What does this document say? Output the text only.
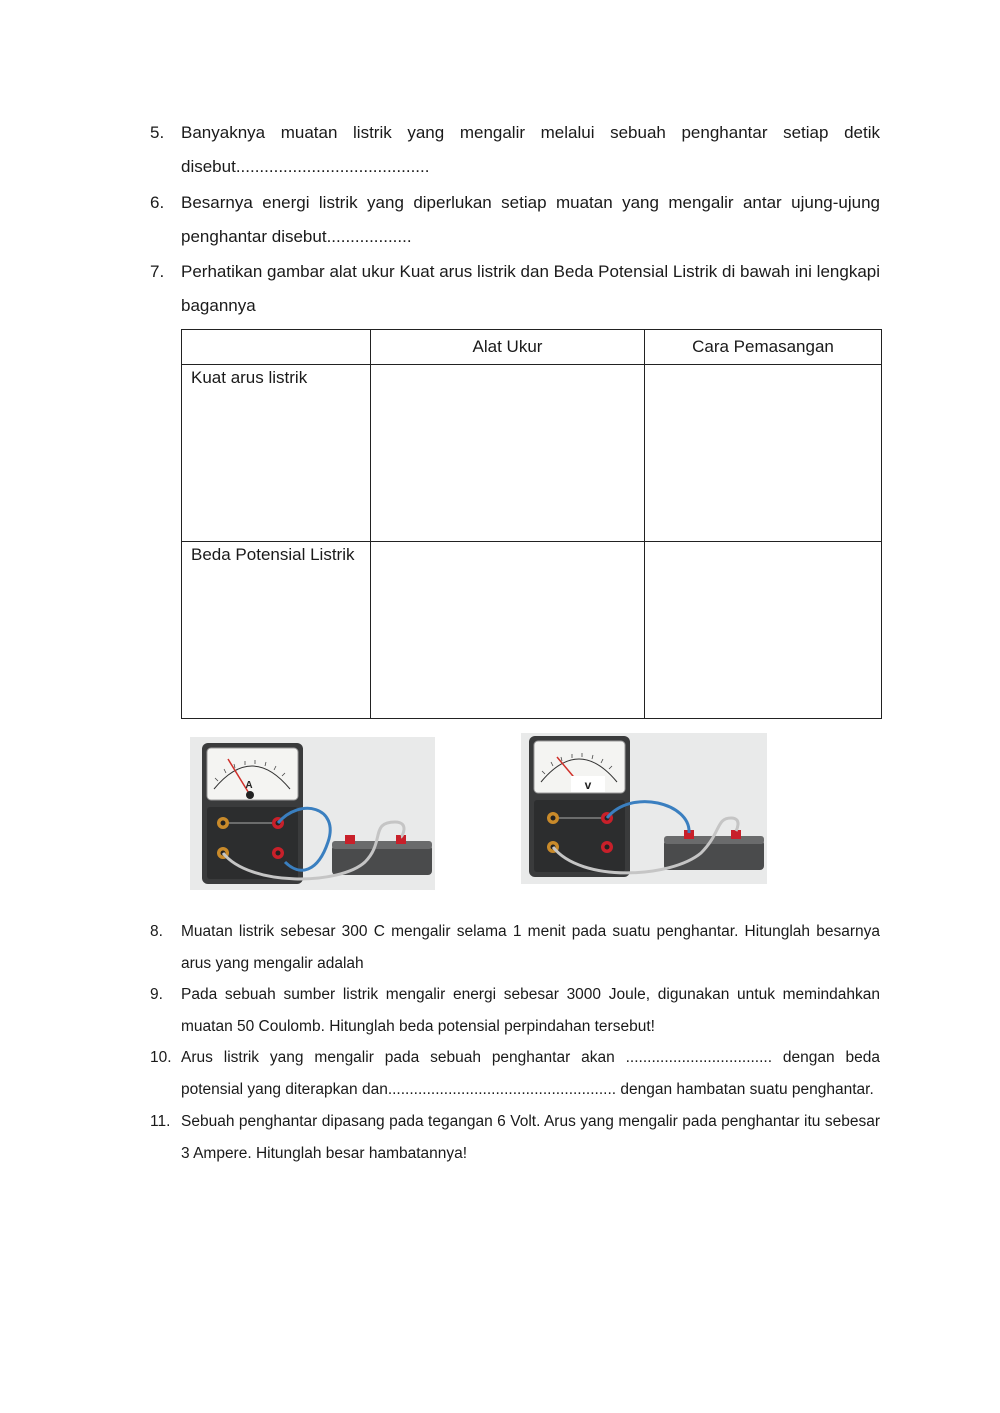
5. Banyaknya muatan listrik yang mengalir melalui sebuah penghantar setiap detik disebut.........................................
6. Besarnya energi listrik yang diperlukan setiap muatan yang mengalir antar ujung-ujung penghantar disebut..................
7. Perhatikan gambar alat ukur Kuat arus listrik dan Beda Potensial Listrik di bawah ini lengkapi bagannya
	Alat Ukur	Cara Pemasangan
Kuat arus listrik		
Beda Potensial Listrik		
A	v
8.	Muatan listrik sebesar 300 C mengalir selama 1 menit pada suatu penghantar. Hitunglah besarnya arus yang mengalir adalah
9.	Pada sebuah sumber listrik mengalir energi sebesar 3000 Joule, digunakan untuk memindahkan muatan 50 Coulomb. Hitunglah beda potensial perpindahan tersebut!
10. Arus listrik yang mengalir pada sebuah penghantar akan .................................. dengan beda potensial yang diterapkan dan..................................................... dengan hambatan suatu penghantar.
11. Sebuah penghantar dipasang pada tegangan 6 Volt. Arus yang mengalir pada penghantar itu sebesar 3 Ampere. Hitunglah besar hambatannya!
